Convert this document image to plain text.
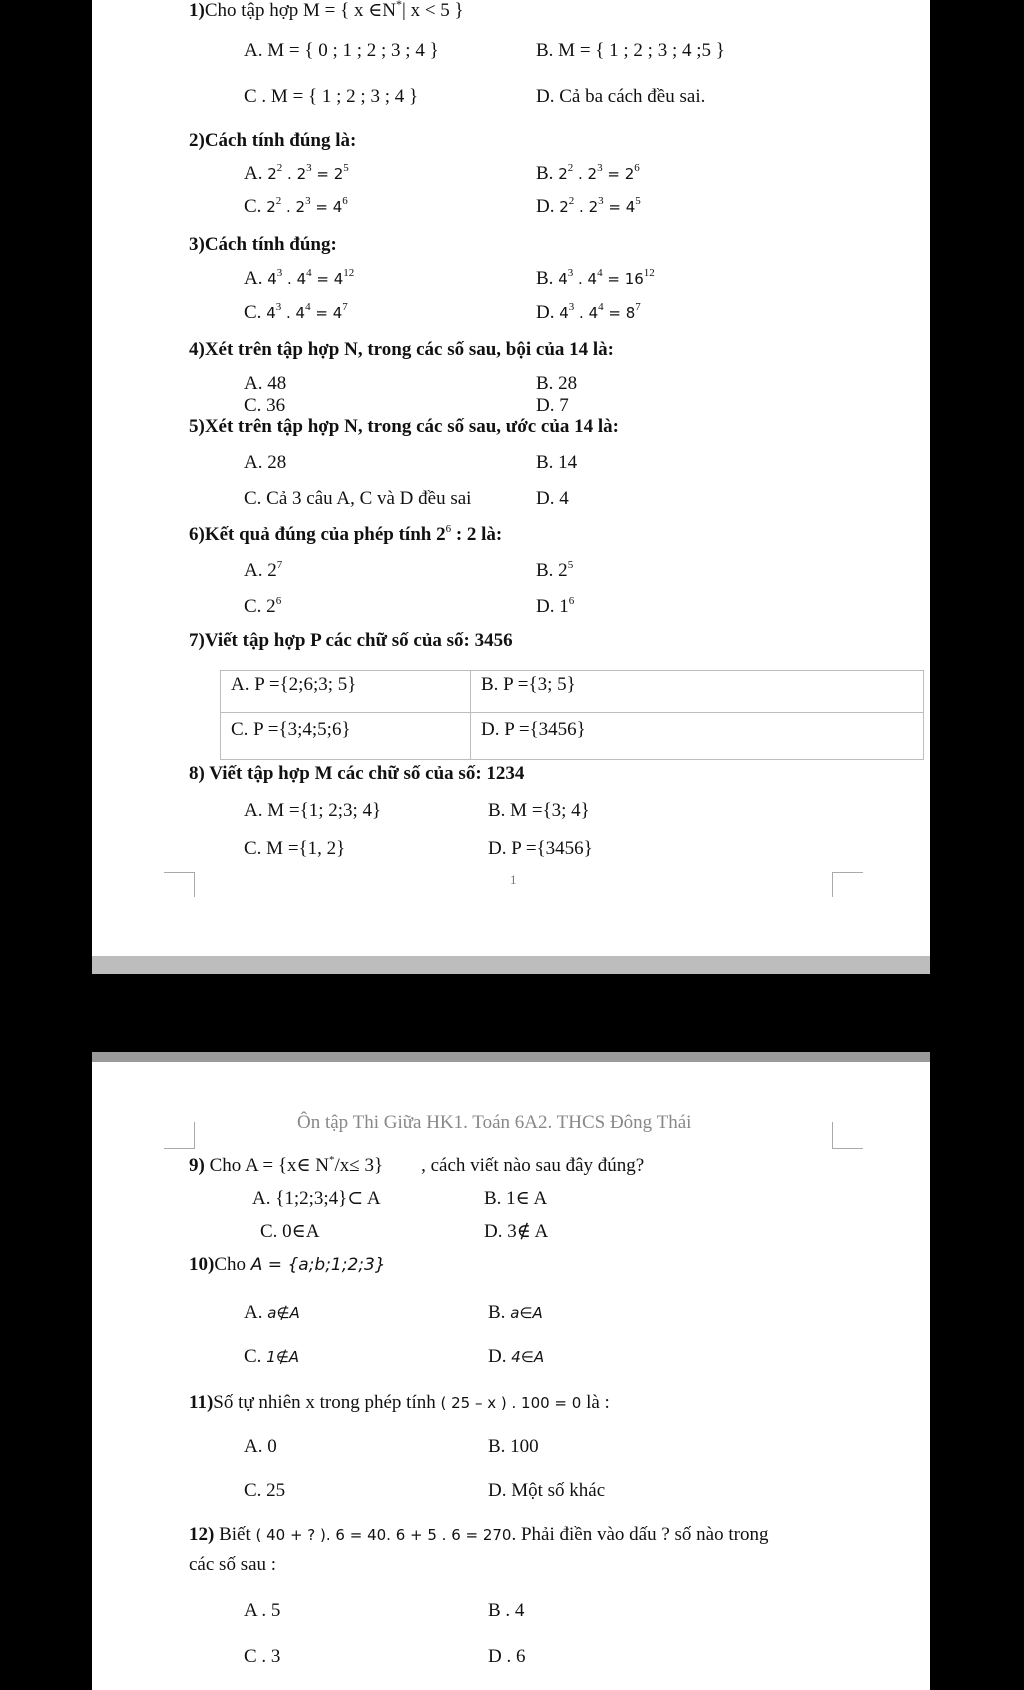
1)Cho tập hợp M = { x ∈N*| x < 5 }
A. M = { 0 ; 1 ; 2 ; 3 ; 4 }	B. M = { 1 ; 2 ; 3 ; 4 ;5 }
C . M = { 1 ; 2 ; 3 ; 4 }	D. Cả ba cách đều sai.
2)Cách tính đúng là:
A. $2^2$ . $2^3 = 2^5$	B. $2^2$ . $2^3 = 2^6$
C. $2^2$ . $2^3 = 4^6$	D. $2^2$ . $2^3 = 4^5$
3)Cách tính đúng:
A. $4^3$ . $4^4 = 4^{12}$	B. $4^3$ . $4^4 = 16^{12}$
C. $4^3$ . $4^4 = 4^7$	D. $4^3$ . $4^4 = 8^7$
4)Xét trên tập hợp N, trong các số sau, bội của 14 là:
A. 48	B. 28
C. 36	D. 7
5)Xét trên tập hợp N, trong các số sau, ước của 14 là:
A. 28	B. 14
C. Cả 3 câu A, C và D đều sai	D. 4
6)Kết quả đúng của phép tính $2^6$ : 2 là:
A. $2^7$	B. $2^5$
C. $2^6$	D. $1^6$
7)Viết tập hợp P các chữ số của số: 3456
A. P ={2;6;3; 5}	B. P ={3; 5}
C. P ={3;4;5;6}	D. P ={3456}
8) Viết tập hợp M các chữ số của số: 1234
A. M ={1; 2;3; 4}	B. M ={3; 4}
C. M ={1, 2}	D. P ={3456}
1
Ôn tập Thi Giữa HK1. Toán 6A2. THCS Đông Thái
9) Cho A = {x∈ N*/x≤ 3} , cách viết nào sau đây đúng?
A. {1;2;3;4}⊂ A	B. 1∈ A
C. 0∈A	D. 3∉ A
10)Cho A = {a;b;1;2;3}
A. a∉A	B. a∈A
C. 1∉A	D. 4∈A
11)Số tự nhiên x trong phép tính ( 25 – x ) . 100 = 0 là :
A. 0	B. 100
C. 25	D. Một số khác
12) Biết ( 40 + ? ). 6 = 40. 6 + 5 . 6 = 270. Phải điền vào dấu ? số nào trong
các số sau :
A . 5	B . 4
C . 3	D . 6
